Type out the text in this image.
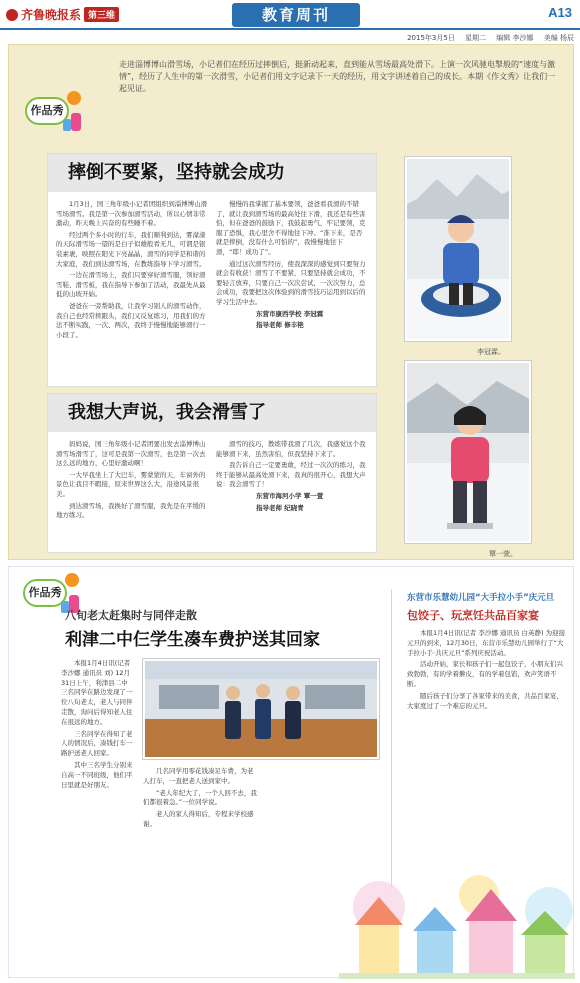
齐鲁晚报系 第三维	教育周刊	A13
2015年3月5日 星期二 编辑 李沙娜 美编 杨辰
作品秀
走进淄博博山滑雪场，小记者们在经历过摔倒后，挺新动起来，直到能从雪场最高处滑下。上演一次风驰电掣般的“速度与激情”，经历了人生中的第一次滑雪，小记者们用文字记录下一天的经历，用文字讲述着自己的成长。本期《作文秀》让我们一起见证。
摔倒不要紧，坚持就会成功

1月3日，国三角年级小记者团组织到淄博博山滑雪场滑雪。我是第一次参加滑雪活动，所以心情非常激动，昨天晚上兴奋的有些睡不着。

经过两个多小时的行车，我们顺利到达，雾濛濛的天际滑雪场一望的是白子似雄般看无几，可谓是银装素裹，映照在阳光下亮晶晶，滑雪的同学是和谐的大家庭，我们到达滑雪场，在教练指导下学习滑雪。

一边在滑雪场上，我们只要穿好滑雪服，领好滑雪鞋、滑雪板，我在指导下参加了活动，我最先从最低的山坡开始。

爸爸在一旁帮助我，让我学习别人的滑雪动作，我自己也经常摔跟头，我们又反复练习，用我们的方法不断实践，一次、两次，我终于慢慢地能够滑行一小段了。

慢慢的我掌握了基本要领，爸爸看我滑的不错了，就让我到滑雪场的最高处往下滑，我还是有些害怕，但在爸爸的鼓励下，我鼓起勇气，牢记要领，克服了恐惧，我心里舍不得地往下冲。“准下来，是否就是摔倒，没有什么可怕的”，我慢慢地往下滑，“耶！成功了”。

通过这次滑雪经历，使我深深的感觉到只要努力就会有收获！滑雪了不要紧，只要坚持就会成功，不要轻言放弃，只要自己一次次尝试，一次次努力，总会成功，我要把这次体验到的滑雪技巧运用到以后的学习生活中去。

东营市康西学校 李冠霖

指导老师 修丰艳

李冠霖。
我想大声说，我会滑雪了

妈妈说，国三角年级小记者团要出发去淄博博山滑雪场滑雪了，这可是我第一次滑雪，也是第一次去这么远的地方，心里好激动啊！

一大早我坐上了大巴车，雾蒙蒙的天，车窗外的景色让我目不暇接，原来世界这么大，沿途风景很美。

到达滑雪场，我换好了滑雪服，我先是在平缓的地方练习。

滑雪的技巧，教练带我滑了几次，我感觉这个我能够滑下来，虽然害怕，但我坚持下来了。

我告诉自己一定要勇敢，经过一次次的练习，我终于能够从最高处滑下来，我真的很开心，我想大声说：我会滑雪了！

东营市海河小学 覃一萱

指导老师 纪晓青

覃一萱。
作品秀
八旬老太赶集时与同伴走散
利津二中仨学生凑车费护送其回家

本报1月4日讯(记者 李沙娜 通讯员 刘) 12月31日上午，利津县二中三名同学在路边发现了一位八旬老太，老人与同伴走散，询问后得知老人住在很远的地方。

三名同学在得知了老人的情况后，凑钱打车一路护送老人回家。

其中三名学生分别来自高一不同班级，他们平日里就是好朋友。

几名同学用零花钱凑足车费，为老人打车，一直把老人送到家中。

“老人年纪大了，一个人回不去，我们都很着急。”一位同学说。

老人的家人得知后，专程来学校感谢。

东营市乐慧幼儿园“大手拉小手”庆元旦
包饺子、玩烹饪共品百家宴

本报1月4日讯(记者 李沙娜 通讯员 白英静) 为迎接元旦的到来，12月30日，东营市乐慧幼儿园举行了“大手拉小手·共庆元旦”系列庆祝活动。

活动开始，家长和孩子们一起包饺子，小朋友们兴致勃勃，有的学着擀皮，有的学着包馅，欢声笑语不断。

随后孩子们分享了各家带来的美食，共品百家宴，大家度过了一个难忘的元旦。
